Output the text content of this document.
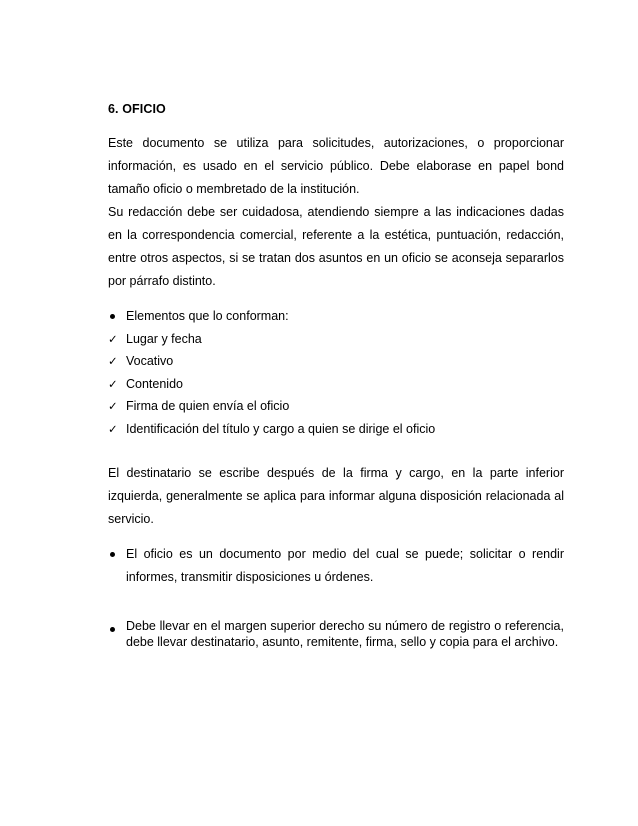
6. OFICIO
Este documento se utiliza para solicitudes, autorizaciones, o proporcionar información, es usado en el servicio público. Debe elaborase en papel bond tamaño oficio o membretado de la institución.
Su redacción debe ser cuidadosa, atendiendo siempre a las indicaciones dadas en la correspondencia comercial, referente a la estética, puntuación, redacción, entre otros aspectos, si se tratan dos asuntos en un oficio se aconseja separarlos por párrafo distinto.
Elementos que lo conforman:
✓ Lugar y fecha
✓ Vocativo
✓ Contenido
✓ Firma de quien envía el oficio
✓ Identificación del título y cargo a quien se dirige el oficio
El destinatario se escribe después de la firma y cargo, en la parte inferior izquierda, generalmente se aplica para informar alguna disposición relacionada al servicio.
El oficio es un documento por medio del cual se puede; solicitar o rendir informes, transmitir disposiciones u órdenes.
Debe llevar en el margen superior derecho su número de registro o referencia, debe llevar destinatario, asunto, remitente, firma, sello y copia para el archivo.
